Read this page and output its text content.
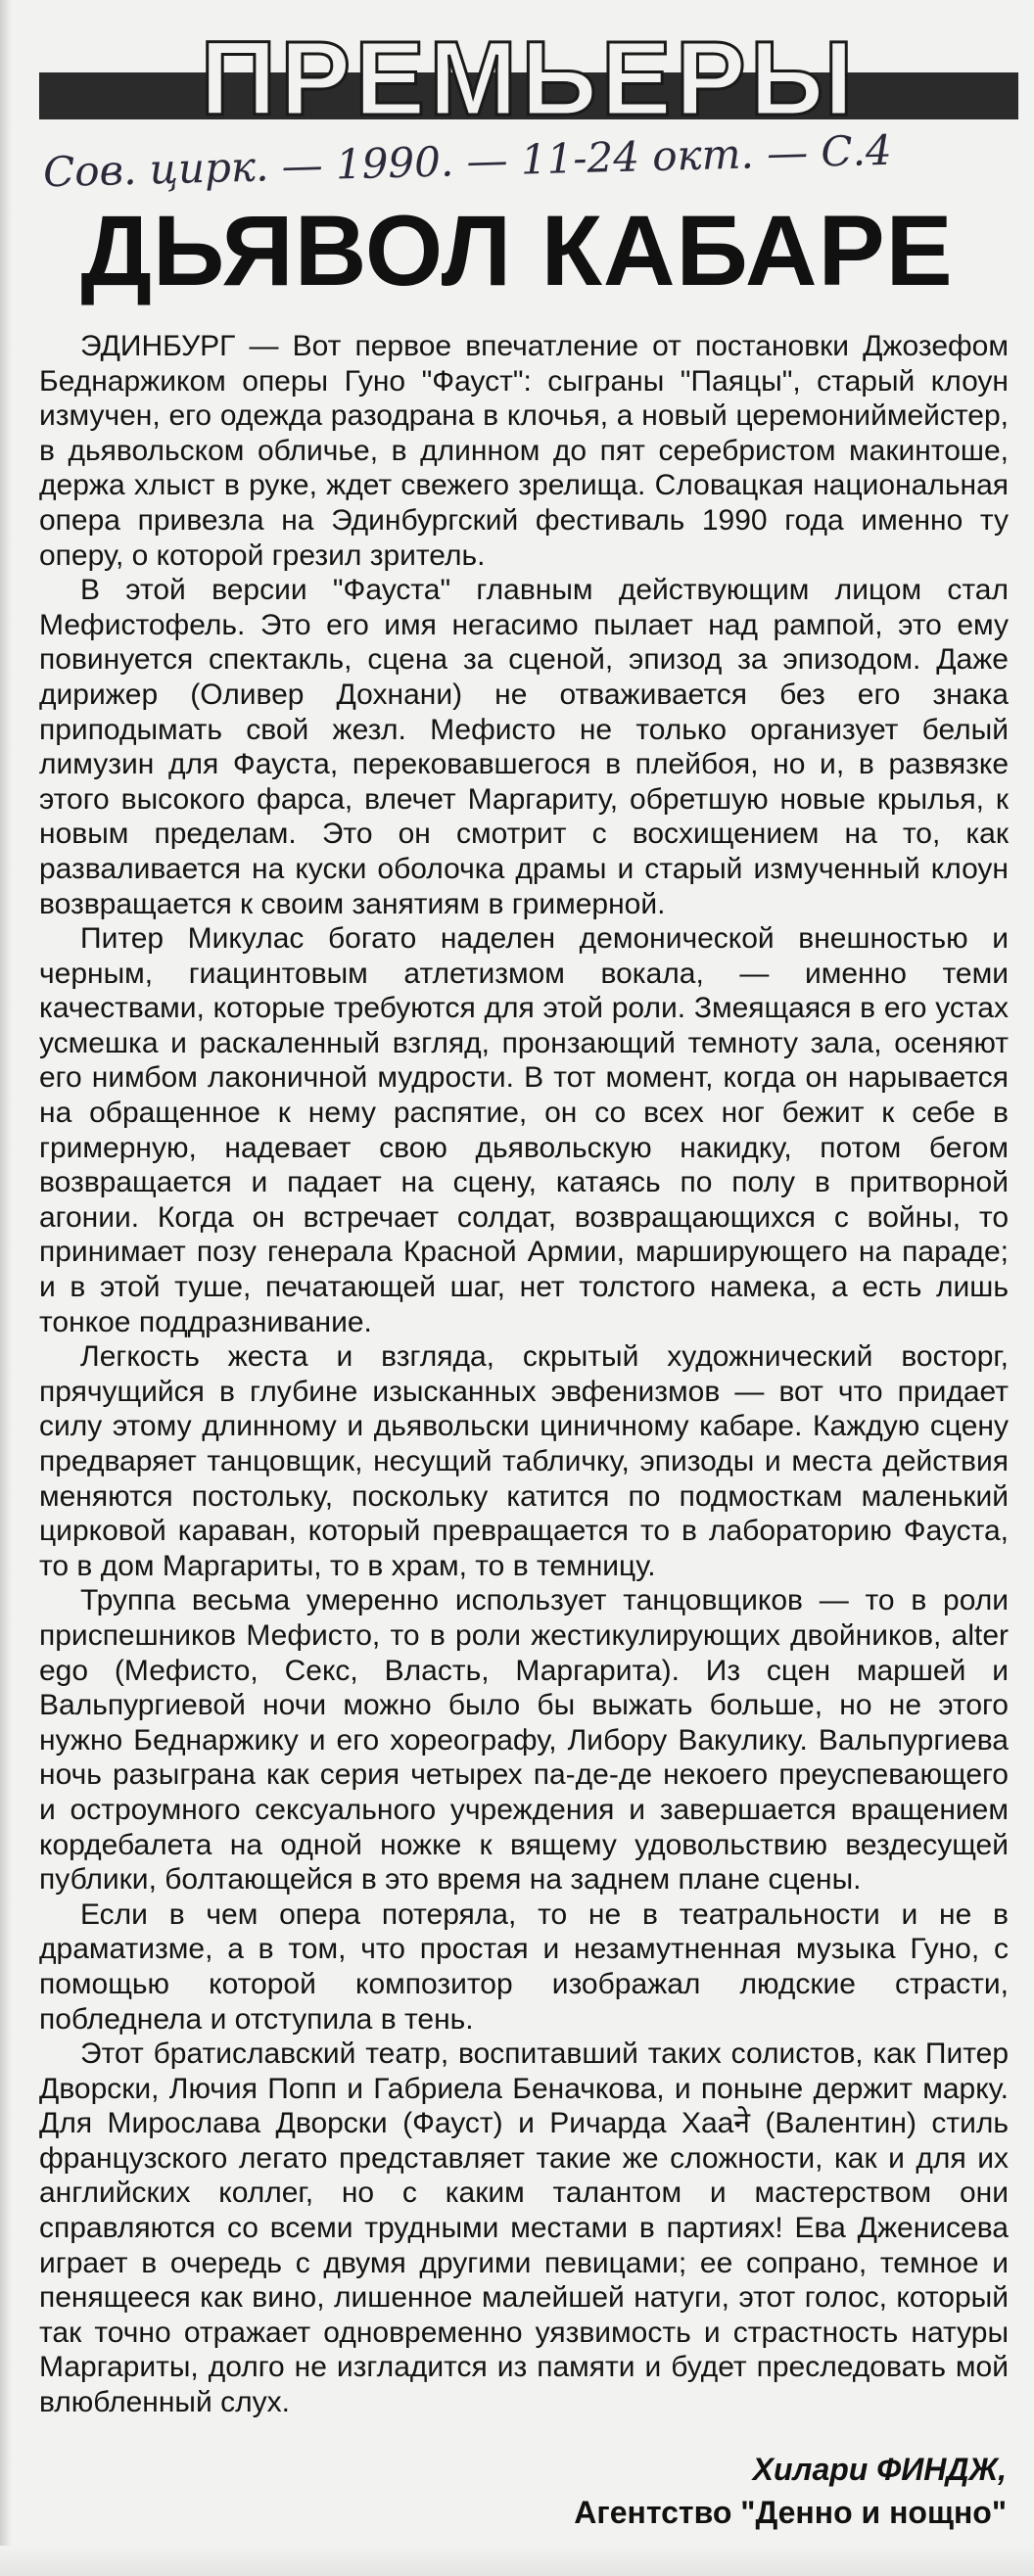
ПРЕМЬЕРЫ
Сов. цирк. — 1990. — 11-24 окт. — С.4
ДЬЯВОЛ КАБАРЕ

ЭДИНБУРГ — Вот первое впечатление от постановки Джозефом Беднаржиком оперы Гуно "Фауст": сыграны "Паяцы", старый клоун измучен, его одежда разодрана в клочья, а новый церемониймейстер, в дьявольском обличье, в длинном до пят серебристом макинтоше, держа хлыст в руке, ждет свежего зрелища. Словацкая национальная опера привезла на Эдинбургский фестиваль 1990 года именно ту оперу, о которой грезил зритель.

В этой версии "Фауста" главным действующим лицом стал Мефистофель. Это его имя негасимо пылает над рампой, это ему повинуется спектакль, сцена за сценой, эпизод за эпизодом. Даже дирижер (Оливер Дохнани) не отваживается без его знака приподымать свой жезл. Мефисто не только организует белый лимузин для Фауста, перековавшегося в плейбоя, но и, в развязке этого высокого фарса, влечет Маргариту, обретшую новые крылья, к новым пределам. Это он смотрит с восхищением на то, как разваливается на куски оболочка драмы и старый измученный клоун возвращается к своим занятиям в гримерной.

Питер Микулас богато наделен демонической внешностью и черным, гиацинтовым атлетизмом вокала, — именно теми качествами, которые требуются для этой роли. Змеящаяся в его устах усмешка и раскаленный взгляд, пронзающий темноту зала, осеняют его нимбом лаконичной мудрости. В тот момент, когда он нарывается на обращенное к нему распятие, он со всех ног бежит к себе в гримерную, надевает свою дьявольскую накидку, потом бегом возвращается и падает на сцену, катаясь по полу в притворной агонии. Когда он встречает солдат, возвращающихся с войны, то принимает позу генерала Красной Армии, марширующего на параде; и в этой туше, печатающей шаг, нет толстого намека, а есть лишь тонкое поддразнивание.

Легкость жеста и взгляда, скрытый художнический восторг, прячущийся в глубине изысканных эвфенизмов — вот что придает силу этому длинному и дьявольски циничному кабаре. Каждую сцену предваряет танцовщик, несущий табличку, эпизоды и места действия меняются постольку, поскольку катится по подмосткам маленький цирковой караван, который превращается то в лабораторию Фауста, то в дом Маргариты, то в храм, то в темницу.

Труппа весьма умеренно использует танцовщиков — то в роли приспешников Мефисто, то в роли жестикулирующих двойников, alter ego (Мефисто, Секс, Власть, Маргарита). Из сцен маршей и Вальпургиевой ночи можно было бы выжать больше, но не этого нужно Беднаржику и его хореографу, Либору Вакулику. Вальпургиева ночь разыграна как серия четырех па-де-де некоего преуспевающего и остроумного сексуального учреждения и завершается вращением кордебалета на одной ножке к вящему удовольствию вездесущей публики, болтающейся в это время на заднем плане сцены.

Если в чем опера потеряла, то не в театральности и не в драматизме, а в том, что простая и незамутненная музыка Гуно, с помощью которой композитор изображал людские страсти, побледнела и отступила в тень.

Этот братиславский театр, воспитавший таких солистов, как Питер Дворски, Лючия Попп и Габриела Беначкова, и поныне держит марку. Для Мирослава Дворски (Фауст) и Ричарда Хааने (Валентин) стиль французского легато представляет такие же сложности, как и для их английских коллег, но с каким талантом и мастерством они справляются со всеми трудными местами в партиях! Ева Дженисева играет в очередь с двумя другими певицами; ее сопрано, темное и пенящееся как вино, лишенное малейшей натуги, этот голос, который так точно отражает одновременно уязвимость и страстность натуры Маргариты, долго не изгладится из памяти и будет преследовать мой влюбленный слух.

Хилари ФИНДЖ,
Агентство "Денно и нощно"
